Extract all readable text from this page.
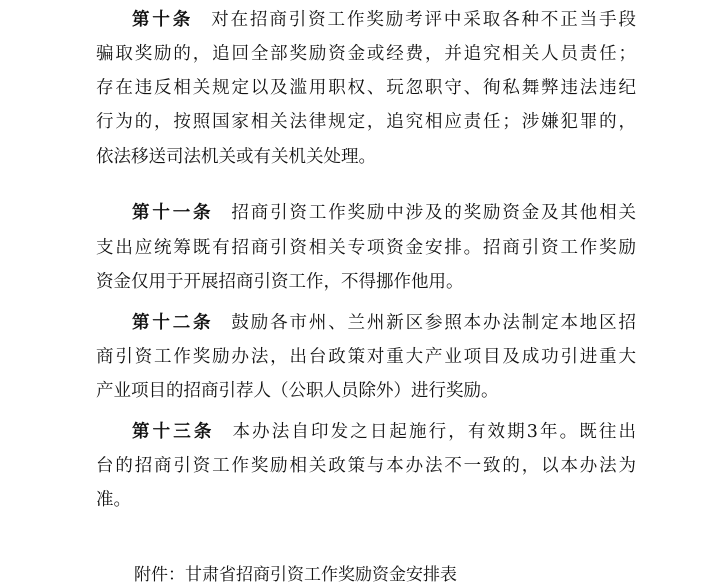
第十条 对在招商引资工作奖励考评中采取各种不正当手段
骗取奖励的，追回全部奖励资金或经费，并追究相关人员责任；
存在违反相关规定以及滥用职权、玩忽职守、徇私舞弊违法违纪
行为的，按照国家相关法律规定，追究相应责任；涉嫌犯罪的，
依法移送司法机关或有关机关处理。
第十一条 招商引资工作奖励中涉及的奖励资金及其他相关
支出应统筹既有招商引资相关专项资金安排。招商引资工作奖励
资金仅用于开展招商引资工作，不得挪作他用。
第十二条 鼓励各市州、兰州新区参照本办法制定本地区招
商引资工作奖励办法，出台政策对重大产业项目及成功引进重大
产业项目的招商引荐人（公职人员除外）进行奖励。
第十三条 本办法自印发之日起施行，有效期3年。既往出
台的招商引资工作奖励相关政策与本办法不一致的，以本办法为
准。
附件：甘肃省招商引资工作奖励资金安排表
